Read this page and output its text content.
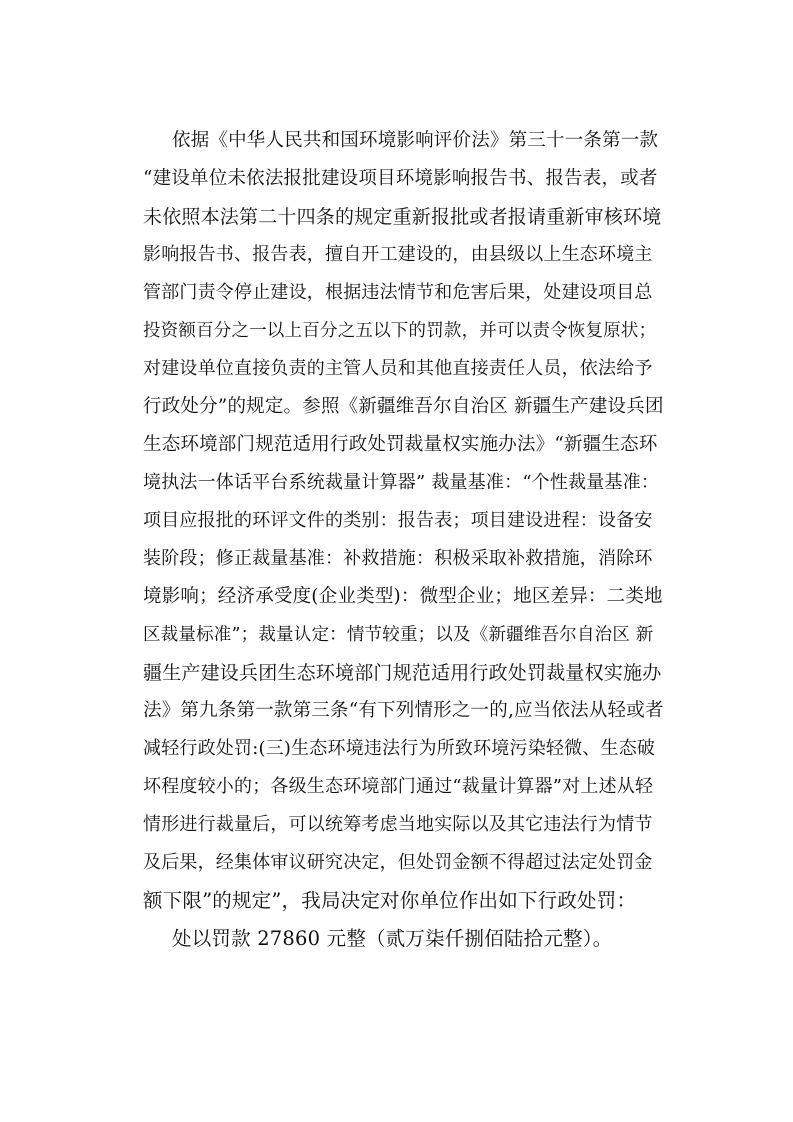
依据《中华人民共和国环境影响评价法》第三十一条第一款
“建设单位未依法报批建设项目环境影响报告书、报告表，或者
未依照本法第二十四条的规定重新报批或者报请重新审核环境
影响报告书、报告表，擅自开工建设的，由县级以上生态环境主
管部门责令停止建设，根据违法情节和危害后果，处建设项目总
投资额百分之一以上百分之五以下的罚款，并可以责令恢复原状；
对建设单位直接负责的主管人员和其他直接责任人员，依法给予
行政处分”的规定。参照《新疆维吾尔自治区 新疆生产建设兵团
生态环境部门规范适用行政处罚裁量权实施办法》“新疆生态环
境执法一体话平台系统裁量计算器” 裁量基准：“个性裁量基准：
项目应报批的环评文件的类别：报告表；项目建设进程：设备安
装阶段；修正裁量基准：补救措施：积极采取补救措施，消除环
境影响；经济承受度(企业类型)：微型企业；地区差异：二类地
区裁量标准”；裁量认定：情节较重；以及《新疆维吾尔自治区 新
疆生产建设兵团生态环境部门规范适用行政处罚裁量权实施办
法》第九条第一款第三条“有下列情形之一的,应当依法从轻或者
减轻行政处罚:(三)生态环境违法行为所致环境污染轻微、生态破
坏程度较小的；各级生态环境部门通过“裁量计算器”对上述从轻
情形进行裁量后，可以统筹考虑当地实际以及其它违法行为情节
及后果，经集体审议研究决定，但处罚金额不得超过法定处罚金
额下限”的规定”，我局决定对你单位作出如下行政处罚：
处以罚款 27860 元整（贰万柒仟捌佰陆拾元整）。
